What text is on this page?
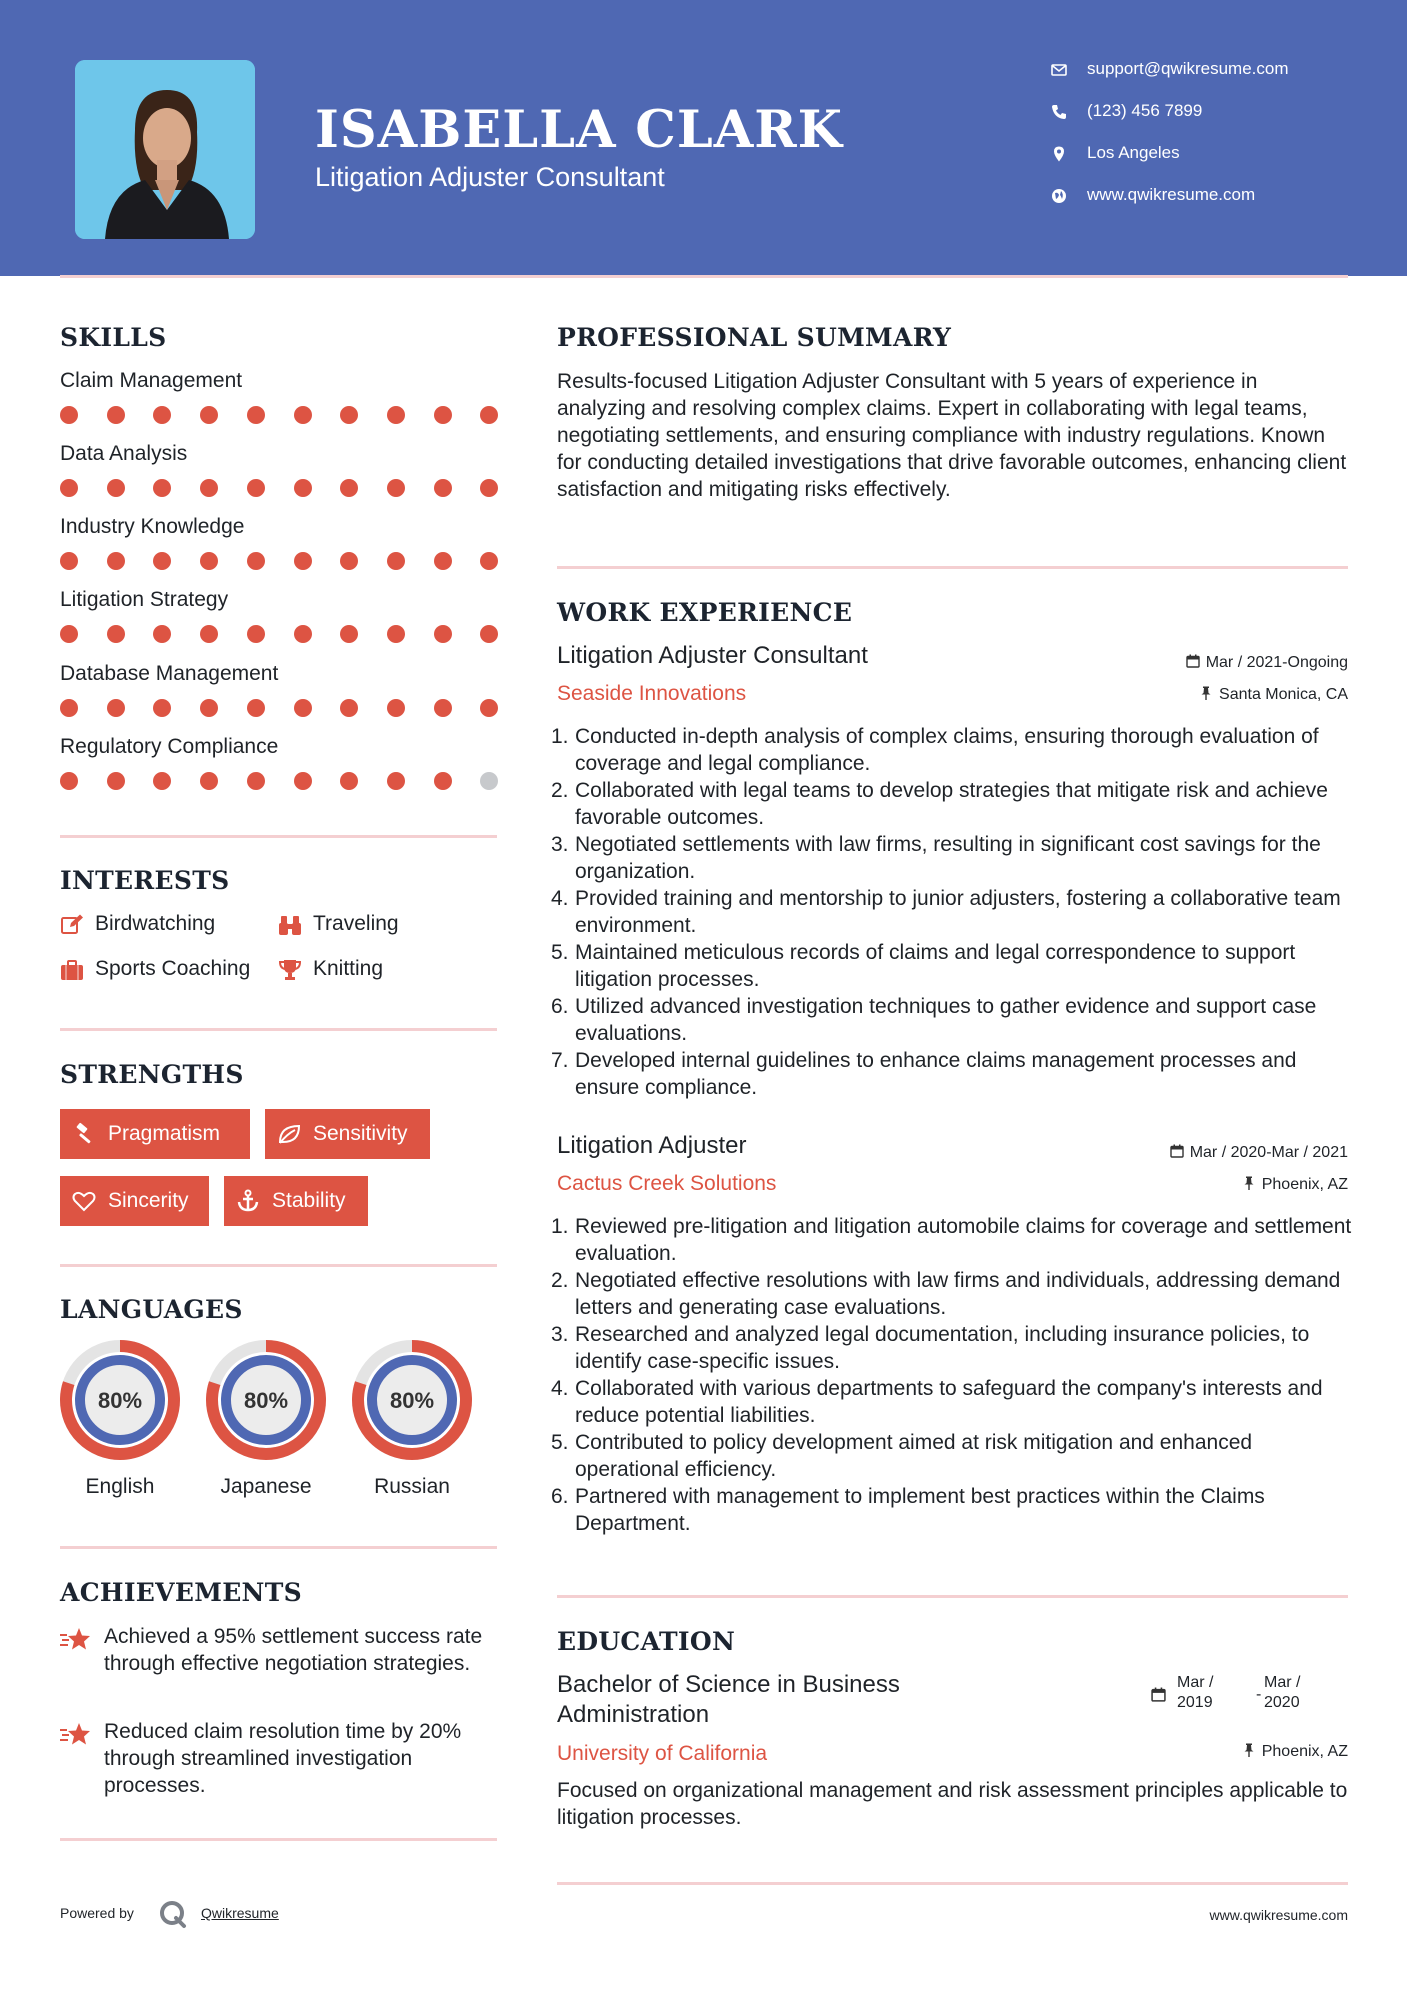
ISABELLA CLARK
Litigation Adjuster Consultant
support@qwikresume.com
(123) 456 7899
Los Angeles
www.qwikresume.com
SKILLS
Claim Management
Data Analysis
Industry Knowledge
Litigation Strategy
Database Management
Regulatory Compliance
INTERESTS
Birdwatching	Traveling
Sports Coaching	Knitting
STRENGTHS
Pragmatism	Sensitivity
Sincerity	Stability
LANGUAGES
80%
English
80%
Japanese
80%
Russian
ACHIEVEMENTS
Achieved a 95% settlement success rate through effective negotiation strategies.
Reduced claim resolution time by 20% through streamlined investigation processes.
PROFESSIONAL SUMMARY
Results-focused Litigation Adjuster Consultant with 5 years of experience in analyzing and resolving complex claims. Expert in collaborating with legal teams, negotiating settlements, and ensuring compliance with industry regulations. Known for conducting detailed investigations that drive favorable outcomes, enhancing client satisfaction and mitigating risks effectively.
WORK EXPERIENCE
Litigation Adjuster Consultant	Mar / 2021-Ongoing
Seaside Innovations	Santa Monica, CA
1. Conducted in-depth analysis of complex claims, ensuring thorough evaluation of coverage and legal compliance.
2. Collaborated with legal teams to develop strategies that mitigate risk and achieve favorable outcomes.
3. Negotiated settlements with law firms, resulting in significant cost savings for the organization.
4. Provided training and mentorship to junior adjusters, fostering a collaborative team environment.
5. Maintained meticulous records of claims and legal correspondence to support litigation processes.
6. Utilized advanced investigation techniques to gather evidence and support case evaluations.
7. Developed internal guidelines to enhance claims management processes and ensure compliance.
Litigation Adjuster	Mar / 2020-Mar / 2021
Cactus Creek Solutions	Phoenix, AZ
1. Reviewed pre-litigation and litigation automobile claims for coverage and settlement evaluation.
2. Negotiated effective resolutions with law firms and individuals, addressing demand letters and generating case evaluations.
3. Researched and analyzed legal documentation, including insurance policies, to identify case-specific issues.
4. Collaborated with various departments to safeguard the company's interests and reduce potential liabilities.
5. Contributed to policy development aimed at risk mitigation and enhanced operational efficiency.
6. Partnered with management to implement best practices within the Claims Department.
EDUCATION
Bachelor of Science in Business
Administration
Mar /
2019	-
Mar /
2020
University of California	Phoenix, AZ
Focused on organizational management and risk assessment principles applicable to litigation processes.
Powered by	Qwikresume	www.qwikresume.com
